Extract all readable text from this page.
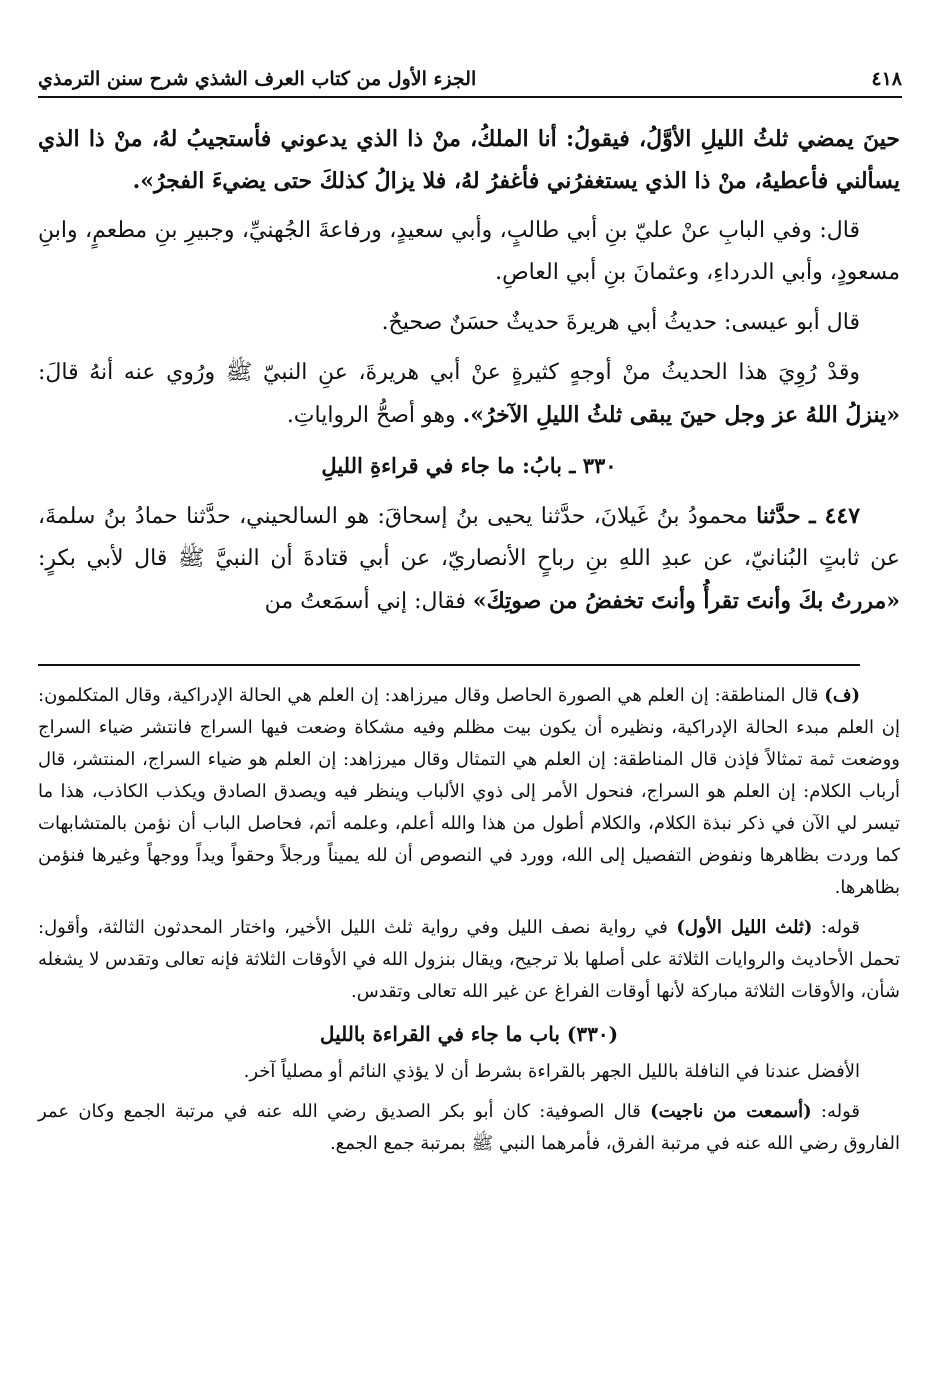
٤١٨
الجزء الأول من كتاب العرف الشذي شرح سنن الترمذي

حينَ يمضي ثلثُ الليلِ الأوَّلُ، فيقولُ: أنا الملكُ، منْ ذا الذي يدعوني فأستجيبُ لهُ، منْ ذا الذي يسألني فأعطيهُ، منْ ذا الذي يستغفرُني فأغفرُ لهُ، فلا يزالُ كذلكَ حتى يضيءَ الفجرُ».

قال: وفي البابِ عنْ عليّ بنِ أبي طالبٍ، وأبي سعيدٍ، ورفاعةَ الجُهنيِّ، وجبيرِ بنِ مطعمٍ، وابنِ مسعودٍ، وأبي الدرداءِ، وعثمانَ بنِ أبي العاصِ.

قال أبو عيسى: حديثُ أبي هريرةَ حديثٌ حسَنٌ صحيحٌ.

وقدْ رُوِيَ هذا الحديثُ منْ أوجهٍ كثيرةٍ عنْ أبي هريرةَ، عنِ النبيّ ﷺ ورُوي عنه أنهُ قالَ: «ينزلُ اللهُ عز وجل حينَ يبقى ثلثُ الليلِ الآخرُ». وهو أصحُّ الرواياتِ.

٣٣٠ ـ بابُ: ما جاء في قراءةِ الليلِ

٤٤٧ ـ حدَّثنا محمودُ بنُ غَيلانَ، حدَّثنا يحيى بنُ إسحاقَ: هو السالحيني، حدَّثنا حمادُ بنُ سلمةَ، عن ثابتٍ البُنانيّ، عن عبدِ اللهِ بنِ رباحٍ الأنصاريّ، عن أبي قتادةَ أن النبيَّ ﷺ قال لأبي بكرٍ: «مررتُ بكَ وأنتَ تقرأُ وأنتَ تخفضُ من صوتِكَ» فقال: إني أسمَعتُ من

(ف) قال المناطقة: إن العلم هي الصورة الحاصل وقال ميرزاهد: إن العلم هي الحالة الإدراكية، وقال المتكلمون: إن العلم مبدء الحالة الإدراكية، ونظيره أن يكون بيت مظلم وفيه مشكاة وضعت فيها السراج فانتشر ضياء السراج ووضعت ثمة تمثالاً فإذن قال المناطقة: إن العلم هي التمثال وقال ميرزاهد: إن العلم هو ضياء السراج، المنتشر، قال أرباب الكلام: إن العلم هو السراج، فنحول الأمر إلى ذوي الألباب وينظر فيه ويصدق الصادق ويكذب الكاذب، هذا ما تيسر لي الآن في ذكر نبذة الكلام، والكلام أطول من هذا والله أعلم، وعلمه أتم، فحاصل الباب أن نؤمن بالمتشابهات كما وردت بظاهرها ونفوض التفصيل إلى الله، وورد في النصوص أن لله يميناً ورجلاً وحقواً ويداً ووجهاً وغيرها فنؤمن بظاهرها.

قوله: (ثلث الليل الأول) في رواية نصف الليل وفي رواية ثلث الليل الأخير، واختار المحدثون الثالثة، وأقول: تحمل الأحاديث والروايات الثلاثة على أصلها بلا ترجيح، ويقال بنزول الله في الأوقات الثلاثة فإنه تعالى وتقدس لا يشغله شأن، والأوقات الثلاثة مباركة لأنها أوقات الفراغ عن غير الله تعالى وتقدس.

(٣٣٠) باب ما جاء في القراءة بالليل

الأفضل عندنا في النافلة بالليل الجهر بالقراءة بشرط أن لا يؤذي النائم أو مصلياً آخر.

قوله: (أسمعت من ناجيت) قال الصوفية: كان أبو بكر الصديق رضي الله عنه في مرتبة الجمع وكان عمر الفاروق رضي الله عنه في مرتبة الفرق، فأمرهما النبي ﷺ بمرتبة جمع الجمع.
